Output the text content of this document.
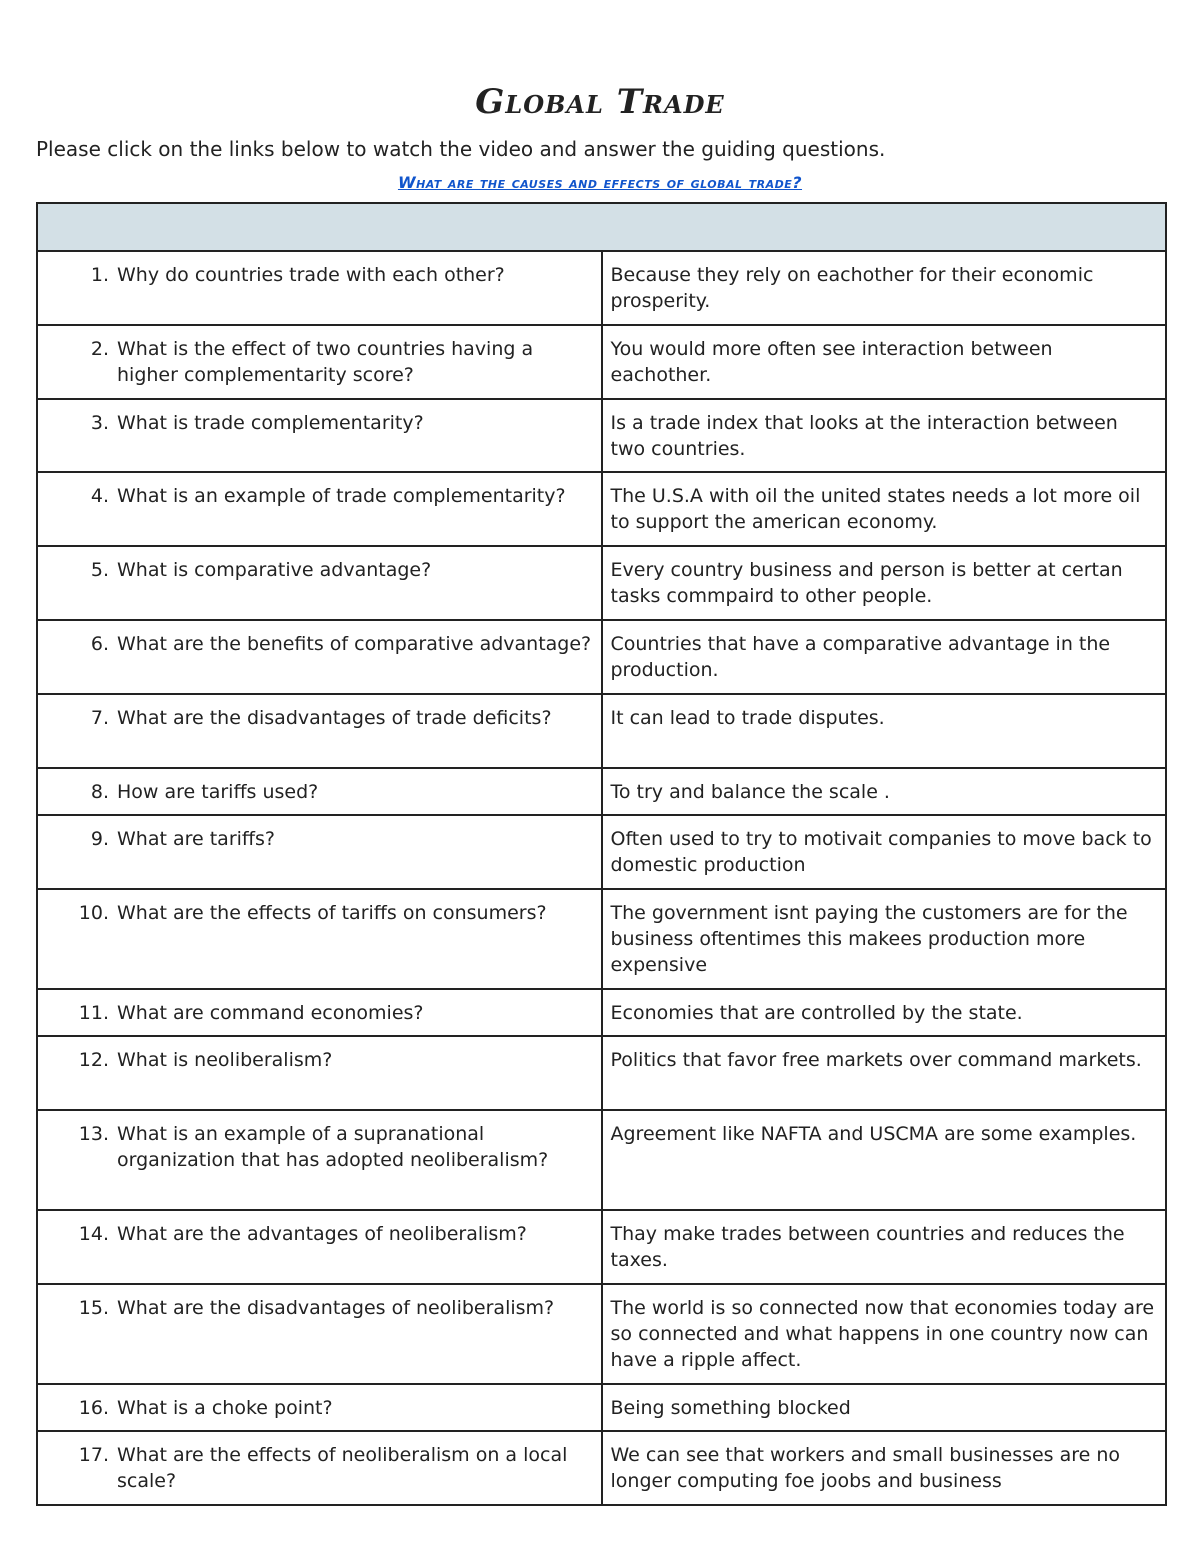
Global Trade
Please click on the links below to watch the video and answer the guiding questions.
What are the causes and effects of global trade?

1. Why do countries trade with each other?	Because they rely on eachother for their economic prosperity.

2. What is the effect of two countries having a higher complementarity score?	You would more often see interaction between eachother.

3. What is trade complementarity?	Is a trade index that looks at the interaction between two countries.

4. What is an example of trade complementarity?	The U.S.A with oil the united states needs a lot more oil to support the american economy.

5. What is comparative advantage?	Every country business and person is better at certan tasks commpaird to other people.

6. What are the benefits of comparative advantage?	Countries that have a comparative advantage in the production.

7. What are the disadvantages of trade deficits?	It can lead to trade disputes.

8. How are tariffs used?	To try and balance the scale .

9. What are tariffs?	Often used to try to motivait companies to move back to domestic production

10. What are the effects of tariffs on consumers?	The government isnt paying the customers are for the business oftentimes this makees production more expensive

11. What are command economies?	Economies that are controlled by the state.

12. What is neoliberalism?	Politics that favor free markets over command markets.

13. What is an example of a supranational organization that has adopted neoliberalism?	Agreement like NAFTA and USCMA are some examples.

14. What are the advantages of neoliberalism?	Thay make trades between countries and reduces the taxes.

15. What are the disadvantages of neoliberalism?	The world is so connected now that economies today are so connected and what happens in one country now can have a ripple affect.

16. What is a choke point?	Being something blocked

17. What are the effects of neoliberalism on a local scale?	We can see that workers and small businesses are no longer computing foe joobs and business
